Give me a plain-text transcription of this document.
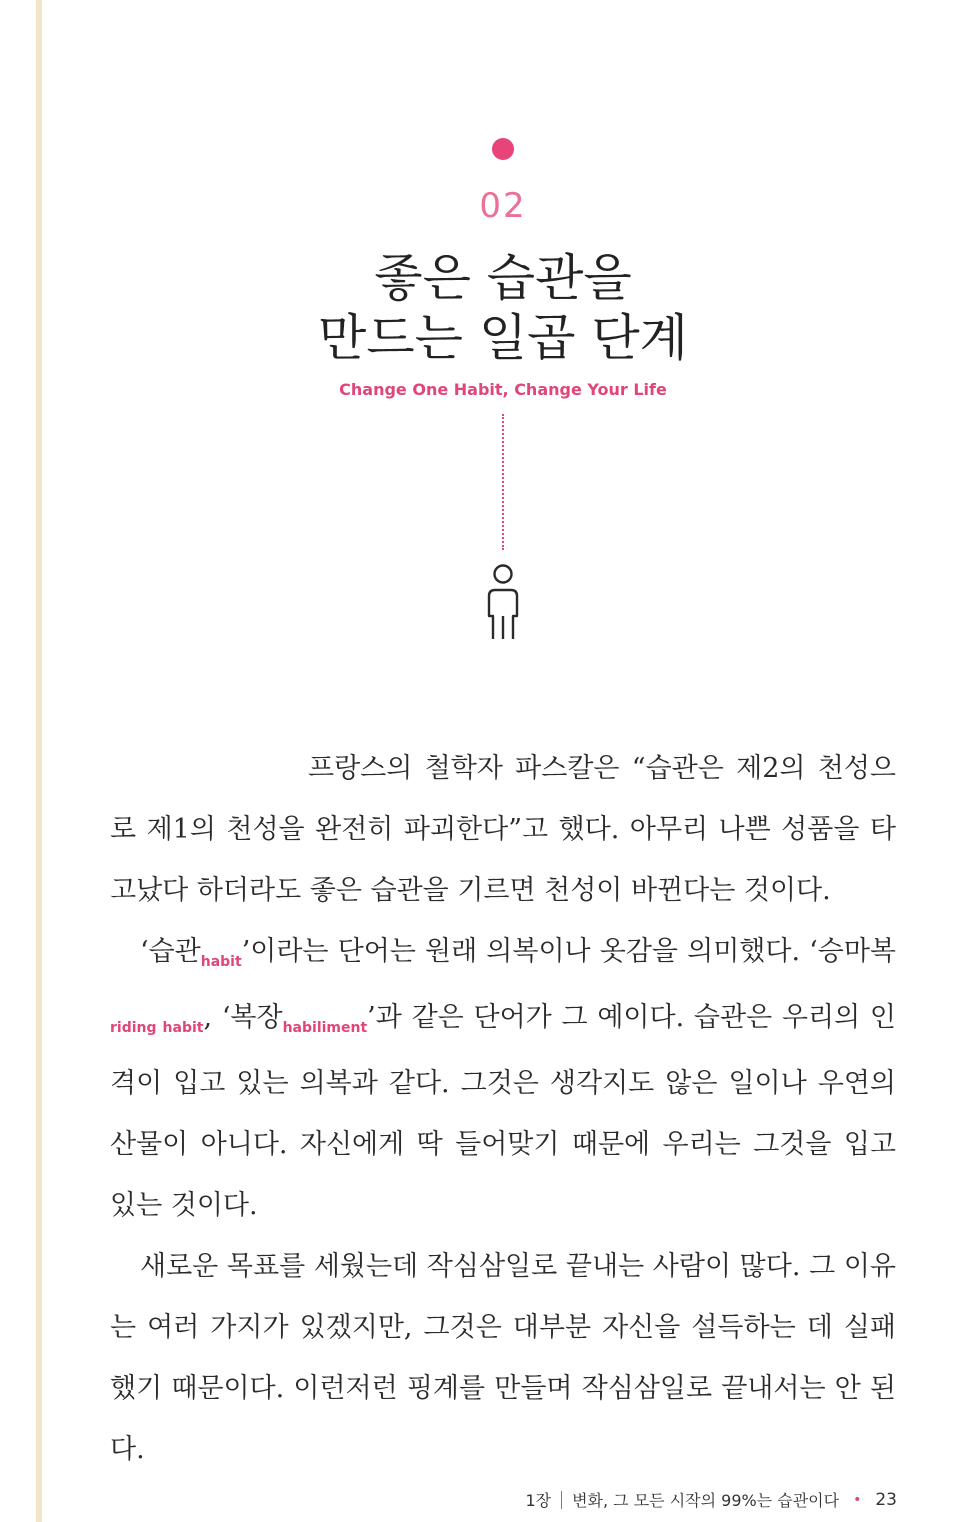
02
좋은 습관을
만드는 일곱 단계
Change One Habit, Change Your Life

프랑스의 철학자 파스칼은 “습관은 제2의 천성으로 제1의 천성을 완전히 파괴한다”고 했다. 아무리 나쁜 성품을 타고났다 하더라도 좋은 습관을 기르면 천성이 바뀐다는 것이다.

‘습관$_{habit}$’이라는 단어는 원래 의복이나 옷감을 의미했다. ‘승마복$_{riding habit}$, ‘복장$_{habiliment}$’과 같은 단어가 그 예이다. 습관은 우리의 인격이 입고 있는 의복과 같다. 그것은 생각지도 않은 일이나 우연의 산물이 아니다. 자신에게 딱 들어맞기 때문에 우리는 그것을 입고 있는 것이다.

새로운 목표를 세웠는데 작심삼일로 끝내는 사람이 많다. 그 이유는 여러 가지가 있겠지만, 그것은 대부분 자신을 설득하는 데 실패했기 때문이다. 이런저런 핑계를 만들며 작심삼일로 끝내서는 안 된다.

1장 변화, 그 모든 시작의 99%는 습관이다 • 23
